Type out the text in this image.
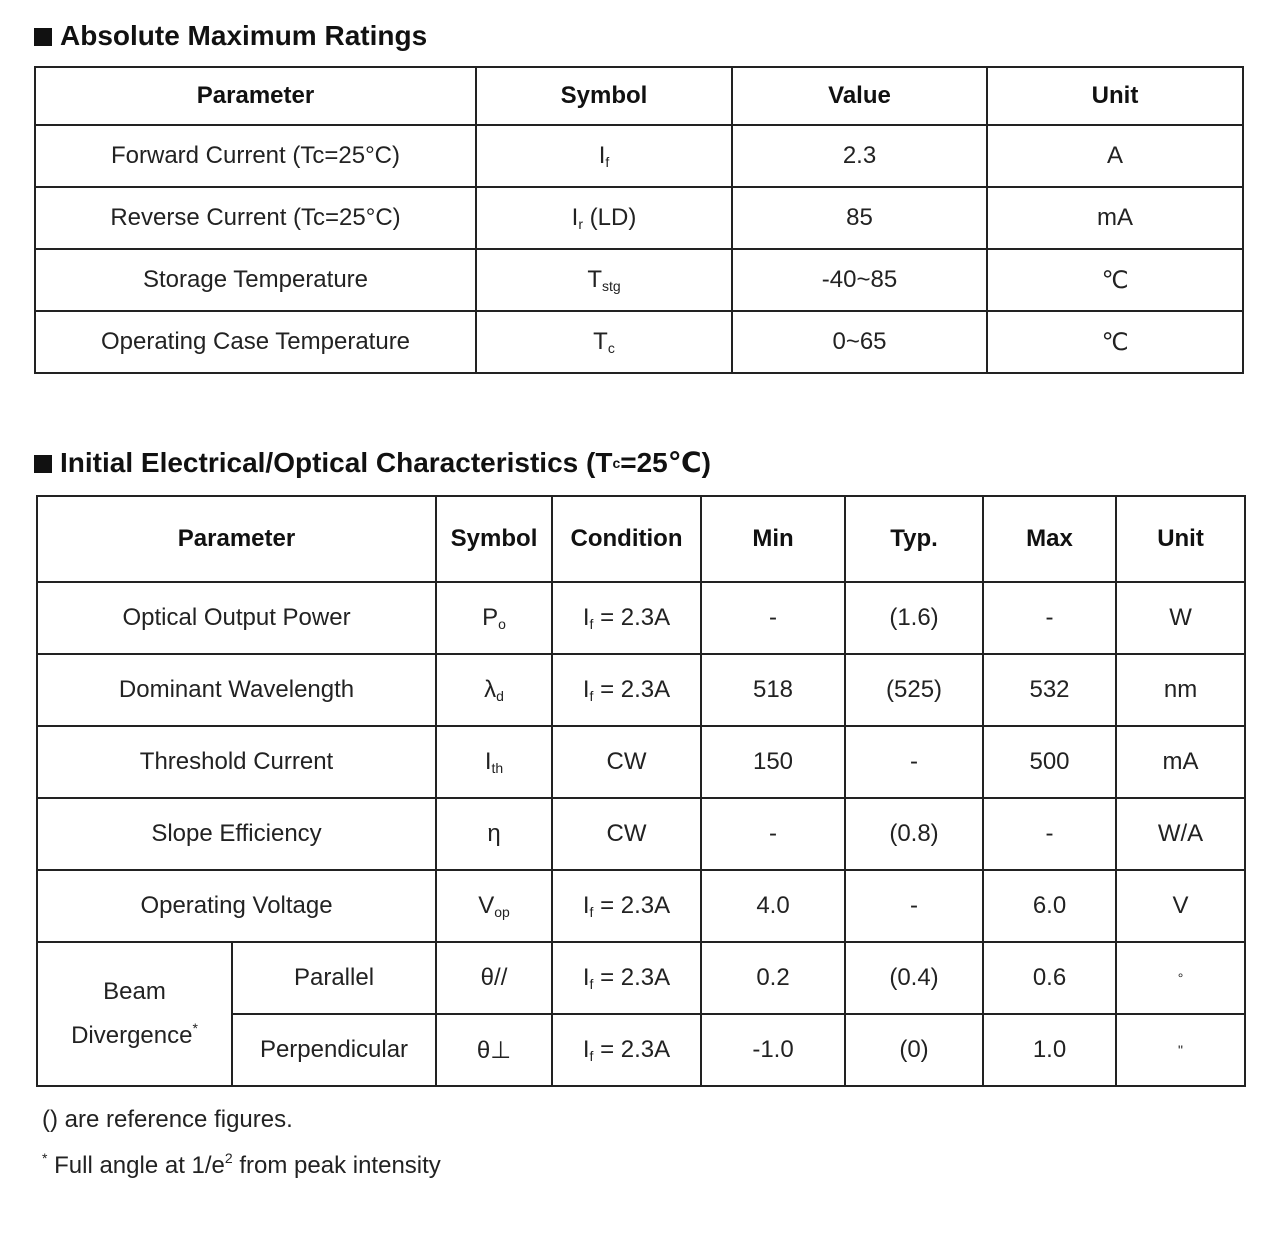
Absolute Maximum Ratings
Parameter	Symbol	Value	Unit
Forward Current (Tc=25°C)	$I_f$	2.3	A
Reverse Current (Tc=25°C)	$I_r$ (LD)	85	mA
Storage Temperature	$T_{stg}$	-40~85	℃
Operating Case Temperature	$T_c$	0~65	℃
Initial Electrical/Optical Characteristics (T c =25℃)
Parameter		Symbol	Condition	Min	Typ.	Max	Unit
Optical Output Power		$P_o$	$I_f = 2.3A$	-	(1.6)	-	W
Dominant Wavelength		$\lambda_d$	$I_f = 2.3A$	518	(525)	532	nm
Threshold Current		$I_{th}$	CW	150	-	500	mA
Slope Efficiency		η	CW	-	(0.8)	-	W/A
Operating Voltage		$V_{op}$	$I_f = 2.3A$	4.0	-	6.0	V
Beam
Divergence*	Parallel	θ//	$I_f = 2.3A$	0.2	(0.4)	0.6	°
	Perpendicular	θ⊥	$I_f = 2.3A$	-1.0	(0)	1.0	"
() are reference figures.
* Full angle at $1/e^2$ from peak intensity
